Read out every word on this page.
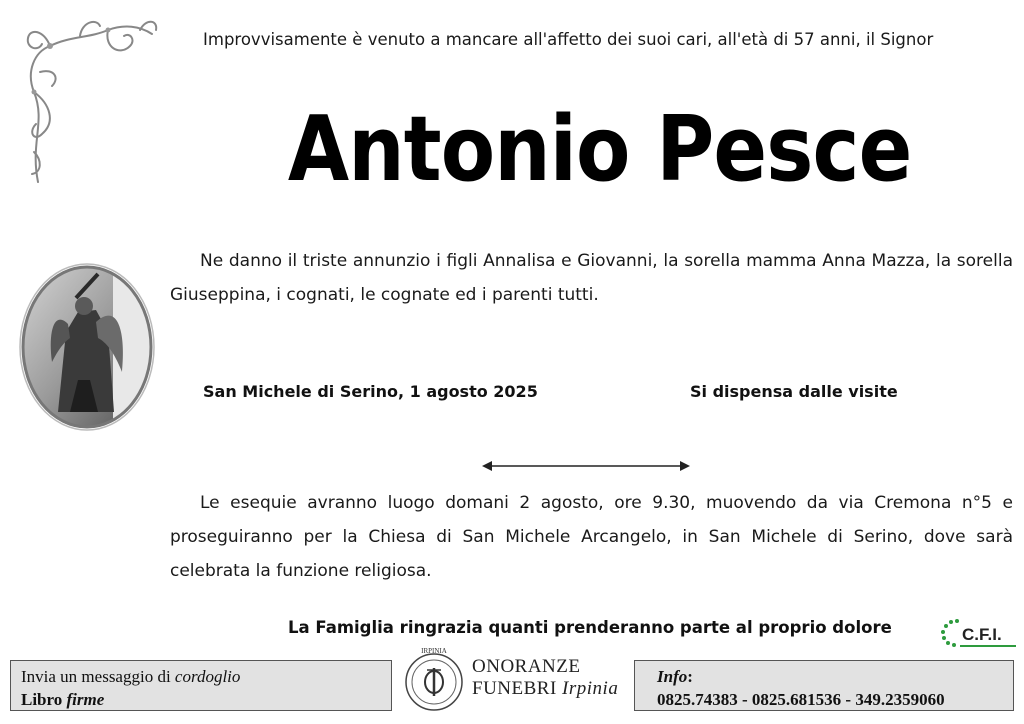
Improvvisamente è venuto a mancare all'affetto dei suoi cari, all'età di 57 anni, il Signor
Antonio Pesce
Ne danno il triste annunzio i figli Annalisa e Giovanni, la sorella mamma Anna Mazza, la sorella Giuseppina, i cognati, le cognate ed i parenti tutti.
San Michele di Serino, 1 agosto 2025	Si dispensa dalle visite
Le esequie avranno luogo domani 2 agosto, ore 9.30, muovendo da via Cremona n°5 e proseguiranno per la Chiesa di San Michele Arcangelo, in San Michele di Serino, dove sarà celebrata la funzione religiosa.
La Famiglia ringrazia quanti prenderanno parte al proprio dolore	C.F.I.
Invia un messaggio di cordoglio
Libro firme
IRPINIA
ONORANZE
FUNEBRI Irpinia
Info:
0825.74383 - 0825.681536 - 349.2359060
